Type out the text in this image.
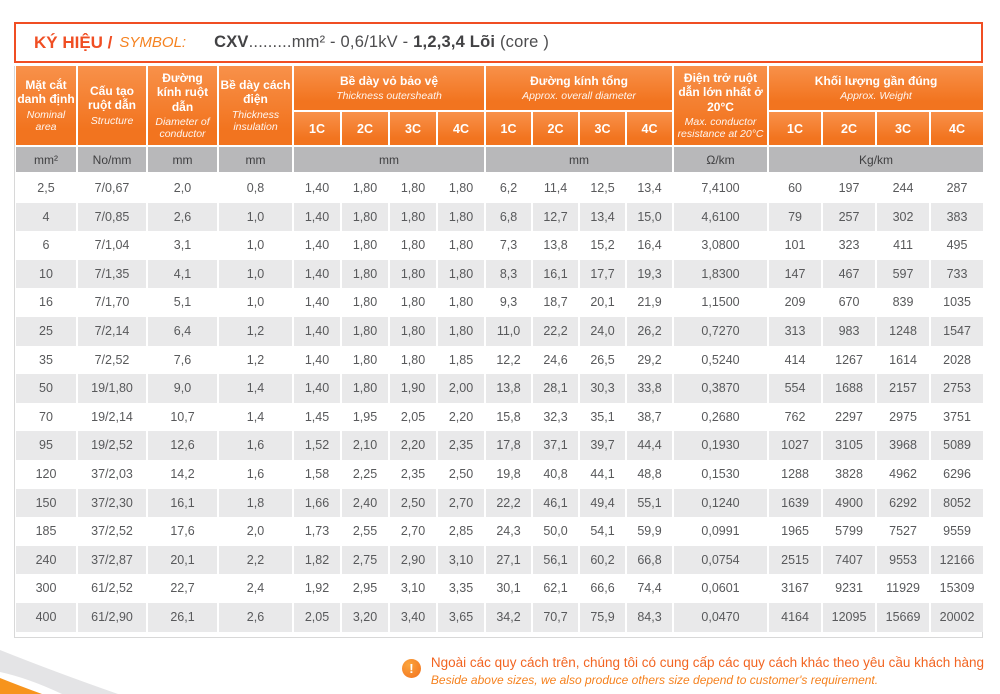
KÝ HIỆU / SYMBOL: CXV.........mm² - 0,6/1kV - 1,2,3,4 Lõi (core )
Mặt cắt danh định
Nominal area	Cấu tạo ruột dẫn
Structure	Đường kính ruột dẫn
Diameter of conductor	Bề dày cách điện
Thickness insulation	Bề dày vỏ bảo vệ
Thickness outersheath				Đường kính tổng
Approx. overall diameter				Điện trở ruột dẫn lớn nhất ở 20°C
Max. conductor resistance at 20°C	Khối lượng gần đúng
Approx. Weight			

				1C	2C	3C	4C	1C	2C	3C	4C		1C	2C	3C	4C
mm²	No/mm	mm	mm	mm				mm				Ω/km	Kg/km			
2,5	7/0,67	2,0	0,8	1,40	1,80	1,80	1,80	6,2	11,4	12,5	13,4	7,4100	60	197	244	287
4	7/0,85	2,6	1,0	1,40	1,80	1,80	1,80	6,8	12,7	13,4	15,0	4,6100	79	257	302	383
6	7/1,04	3,1	1,0	1,40	1,80	1,80	1,80	7,3	13,8	15,2	16,4	3,0800	101	323	411	495
10	7/1,35	4,1	1,0	1,40	1,80	1,80	1,80	8,3	16,1	17,7	19,3	1,8300	147	467	597	733
16	7/1,70	5,1	1,0	1,40	1,80	1,80	1,80	9,3	18,7	20,1	21,9	1,1500	209	670	839	1035
25	7/2,14	6,4	1,2	1,40	1,80	1,80	1,80	11,0	22,2	24,0	26,2	0,7270	313	983	1248	1547
35	7/2,52	7,6	1,2	1,40	1,80	1,80	1,85	12,2	24,6	26,5	29,2	0,5240	414	1267	1614	2028
50	19/1,80	9,0	1,4	1,40	1,80	1,90	2,00	13,8	28,1	30,3	33,8	0,3870	554	1688	2157	2753
70	19/2,14	10,7	1,4	1,45	1,95	2,05	2,20	15,8	32,3	35,1	38,7	0,2680	762	2297	2975	3751
95	19/2,52	12,6	1,6	1,52	2,10	2,20	2,35	17,8	37,1	39,7	44,4	0,1930	1027	3105	3968	5089
120	37/2,03	14,2	1,6	1,58	2,25	2,35	2,50	19,8	40,8	44,1	48,8	0,1530	1288	3828	4962	6296
150	37/2,30	16,1	1,8	1,66	2,40	2,50	2,70	22,2	46,1	49,4	55,1	0,1240	1639	4900	6292	8052
185	37/2,52	17,6	2,0	1,73	2,55	2,70	2,85	24,3	50,0	54,1	59,9	0,0991	1965	5799	7527	9559
240	37/2,87	20,1	2,2	1,82	2,75	2,90	3,10	27,1	56,1	60,2	66,8	0,0754	2515	7407	9553	12166
300	61/2,52	22,7	2,4	1,92	2,95	3,10	3,35	30,1	62,1	66,6	74,4	0,0601	3167	9231	11929	15309
400	61/2,90	26,1	2,6	2,05	3,20	3,40	3,65	34,2	70,7	75,9	84,3	0,0470	4164	12095	15669	20002
!	Ngoài các quy cách trên, chúng tôi có cung cấp các quy cách khác theo yêu cầu khách hàng
Beside above sizes, we also produce others size depend to customer's requirement.
